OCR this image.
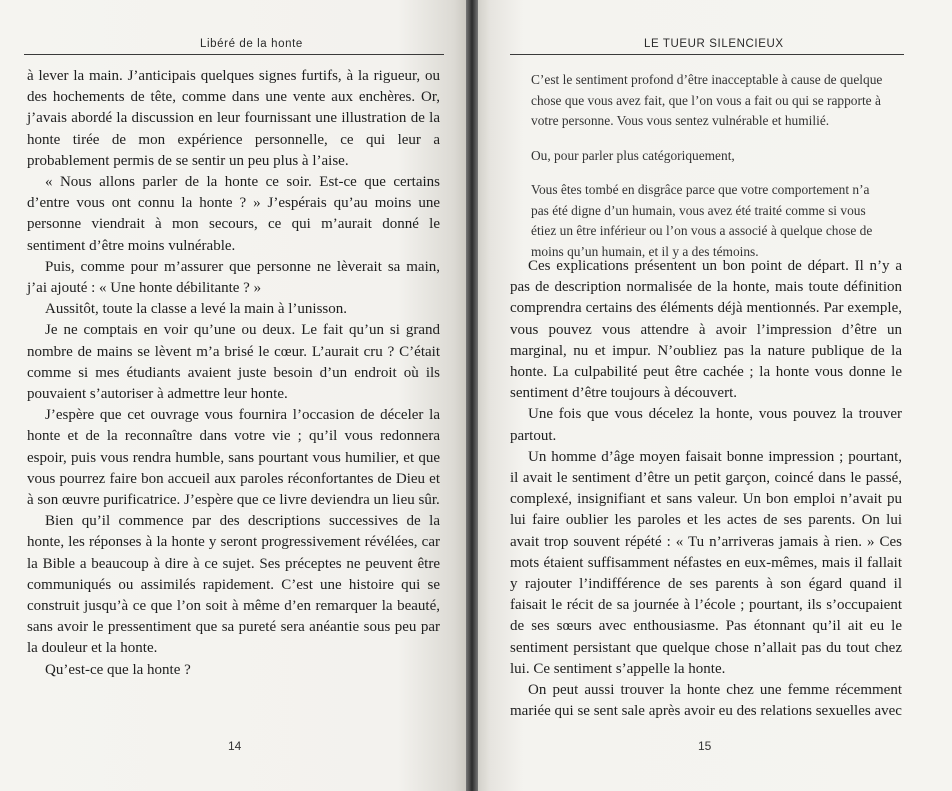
Libéré de la honte

à lever la main. J’anticipais quelques signes furtifs, à la rigueur, ou des hochements de tête, comme dans une vente aux enchères. Or, j’avais abordé la discussion en leur fournissant une illustration de la honte tirée de mon expérience personnelle, ce qui leur a probablement permis de se sentir un peu plus à l’aise.

« Nous allons parler de la honte ce soir. Est-ce que certains d’entre vous ont connu la honte ? » J’espérais qu’au moins une personne viendrait à mon secours, ce qui m’aurait donné le sentiment d’être moins vulnérable.

Puis, comme pour m’assurer que personne ne lèverait sa main, j’ai ajouté : « Une honte débilitante ? »

Aussitôt, toute la classe a levé la main à l’unisson.

Je ne comptais en voir qu’une ou deux. Le fait qu’un si grand nombre de mains se lèvent m’a brisé le cœur. L’aurait cru ? C’était comme si mes étudiants avaient juste besoin d’un endroit où ils pouvaient s’autoriser à admettre leur honte.

J’espère que cet ouvrage vous fournira l’occasion de déceler la honte et de la reconnaître dans votre vie ; qu’il vous redonnera espoir, puis vous rendra humble, sans pourtant vous humilier, et que vous pourrez faire bon accueil aux paroles réconfortantes de Dieu et à son œuvre purificatrice. J’espère que ce livre deviendra un lieu sûr.

Bien qu’il commence par des descriptions successives de la honte, les réponses à la honte y seront progressivement révélées, car la Bible a beaucoup à dire à ce sujet. Ses préceptes ne peuvent être communiqués ou assimilés rapidement. C’est une histoire qui se construit jusqu’à ce que l’on soit à même d’en remarquer la beauté, sans avoir le pressentiment que sa pureté sera anéantie sous peu par la douleur et la honte.

Qu’est-ce que la honte ?

14
LE TUEUR SILENCIEUX

C’est le sentiment profond d’être inacceptable à cause de quelque chose que vous avez fait, que l’on vous a fait ou qui se rapporte à votre personne. Vous vous sentez vulnérable et humilié.

Ou, pour parler plus catégoriquement,

Vous êtes tombé en disgrâce parce que votre comportement n’a pas été digne d’un humain, vous avez été traité comme si vous étiez un être inférieur ou l’on vous a associé à quelque chose de moins qu’un humain, et il y a des témoins.

Ces explications présentent un bon point de départ. Il n’y a pas de description normalisée de la honte, mais toute définition comprendra certains des éléments déjà mentionnés. Par exemple, vous pouvez vous attendre à avoir l’impression d’être un marginal, nu et impur. N’oubliez pas la nature publique de la honte. La culpabilité peut être cachée ; la honte vous donne le sentiment d’être toujours à découvert.

Une fois que vous décelez la honte, vous pouvez la trouver partout.

Un homme d’âge moyen faisait bonne impression ; pourtant, il avait le sentiment d’être un petit garçon, coincé dans le passé, complexé, insignifiant et sans valeur. Un bon emploi n’avait pu lui faire oublier les paroles et les actes de ses parents. On lui avait trop souvent répété : « Tu n’arriveras jamais à rien. » Ces mots étaient suffisamment néfastes en eux-mêmes, mais il fallait y rajouter l’indifférence de ses parents à son égard quand il faisait le récit de sa journée à l’école ; pourtant, ils s’occupaient de ses sœurs avec enthousiasme. Pas étonnant qu’il ait eu le sentiment persistant que quelque chose n’allait pas du tout chez lui. Ce sentiment s’appelle la honte.

On peut aussi trouver la honte chez une femme récemment mariée qui se sent sale après avoir eu des relations sexuelles avec

15
